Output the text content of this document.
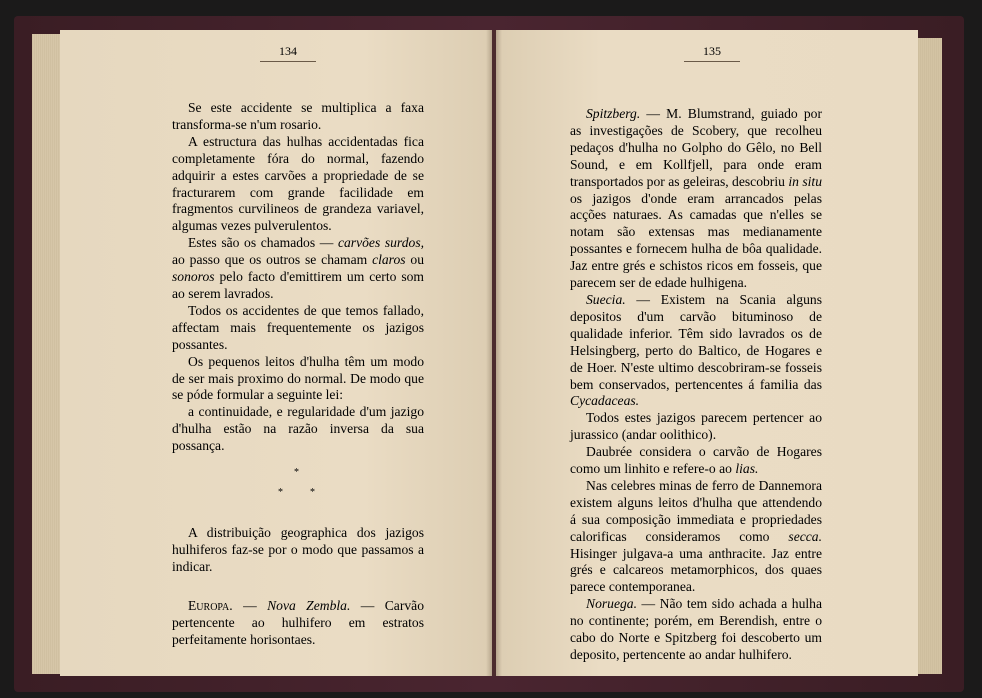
134	135

Se este accidente se multiplica a faxa transforma-se n'um rosario.

A estructura das hulhas accidentadas fica completamente fóra do normal, fazendo adquirir a estes carvões a propriedade de se fracturarem com grande facilidade em fragmentos curvilineos de grandeza variavel, algumas vezes pulverulentos.

Estes são os chamados — carvões surdos, ao passo que os outros se chamam claros ou sonoros pelo facto d'emittirem um certo som ao serem lavrados.

Todos os accidentes de que temos fallado, affectam mais frequentemente os jazigos possantes.

Os pequenos leitos d'hulha têm um modo de ser mais proximo do normal. De modo que se póde formular a seguinte lei:

a continuidade, e regularidade d'um jazigo d'hulha estão na razão inversa da sua possança.

*
*	*

A distribuição geographica dos jazigos hulhiferos faz-se por o modo que passamos a indicar.

Europa. — Nova Zembla. — Carvão pertencente ao hulhifero em estratos perfeitamente horisontaes.

Spitzberg. — M. Blumstrand, guiado por as investigações de Scobery, que recolheu pedaços d'hulha no Golpho do Gêlo, no Bell Sound, e em Kollfjell, para onde eram transportados por as geleiras, descobriu in situ os jazigos d'onde eram arrancados pelas acções naturaes. As camadas que n'elles se notam são extensas mas medianamente possantes e fornecem hulha de bôa qualidade. Jaz entre grés e schistos ricos em fosseis, que parecem ser de edade hulhigena.

Suecia. — Existem na Scania alguns depositos d'um carvão bituminoso de qualidade inferior. Têm sido lavrados os de Helsingberg, perto do Baltico, de Hogares e de Hoer. N'este ultimo descobriram-se fosseis bem conservados, pertencentes á familia das Cycadaceas.

Todos estes jazigos parecem pertencer ao jurassico (andar oolithico).

Daubrée considera o carvão de Hogares como um linhito e refere-o ao lias.

Nas celebres minas de ferro de Dannemora existem alguns leitos d'hulha que attendendo á sua composição immediata e propriedades calorificas consideramos como secca. Hisinger julgava-a uma anthracite. Jaz entre grés e calcareos metamorphicos, dos quaes parece contemporanea.

Noruega. — Não tem sido achada a hulha no continente; porém, em Berendish, entre o cabo do Norte e Spitzberg foi descoberto um deposito, pertencente ao andar hulhifero.
